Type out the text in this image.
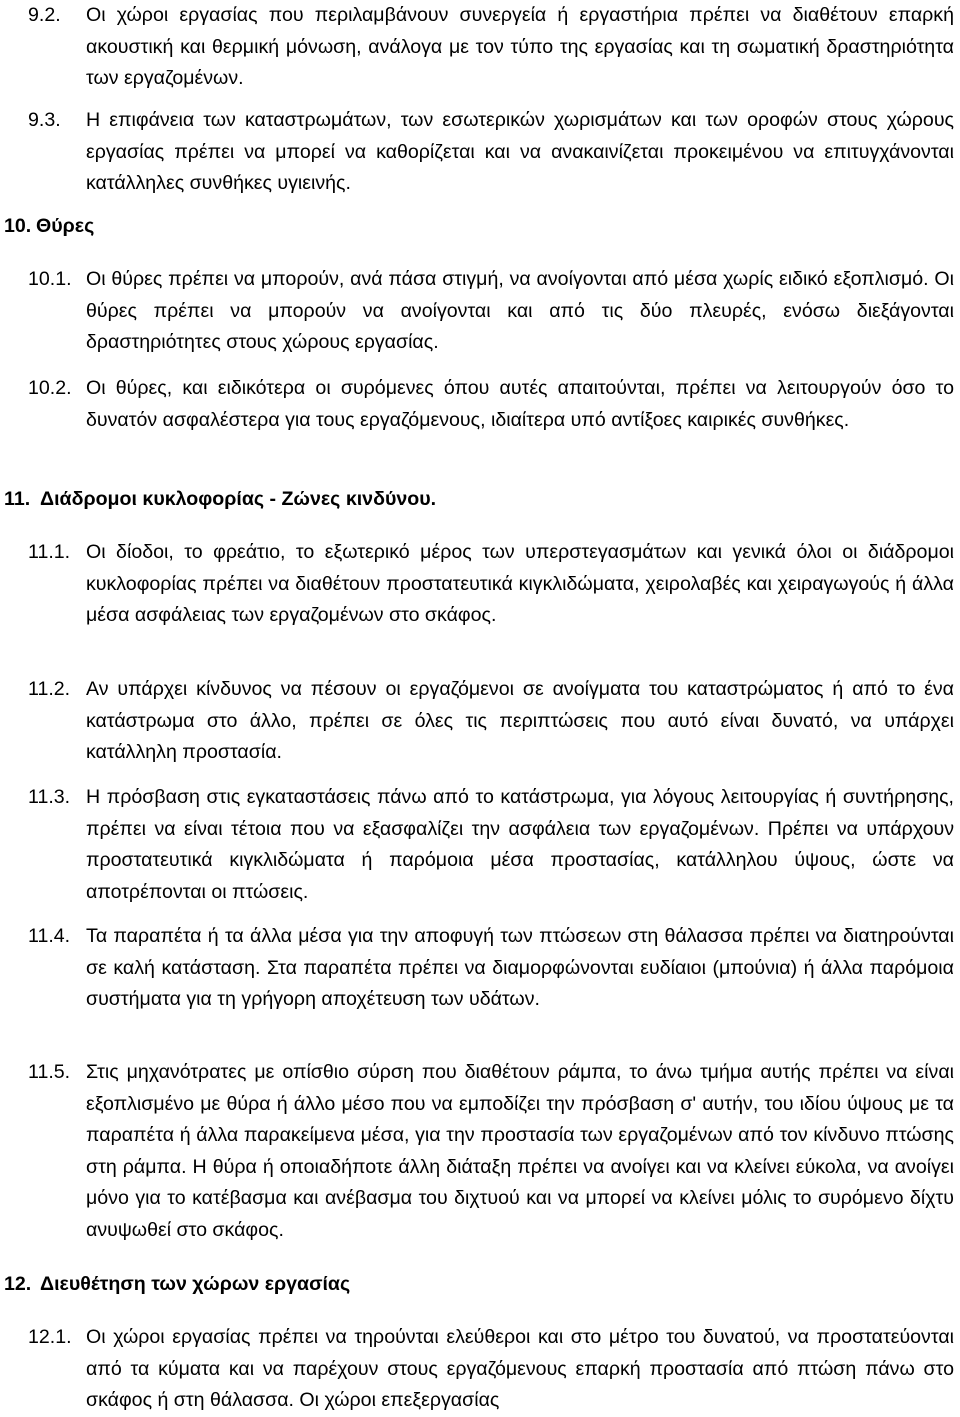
9.2. Οι χώροι εργασίας που περιλαμβάνουν συνεργεία ή εργαστήρια πρέπει να διαθέτουν επαρκή ακουστική και θερμική μόνωση, ανάλογα με τον τύπο της εργασίας και τη σωματική δραστηριότητα των εργαζομένων.
9.3. Η επιφάνεια των καταστρωμάτων, των εσωτερικών χωρισμάτων και των οροφών στους χώρους εργασίας πρέπει να μπορεί να καθορίζεται και να ανακαινίζεται προκειμένου να επιτυγχάνονται κατάλληλες συνθήκες υγιεινής.
10. Θύρες
10.1. Οι θύρες πρέπει να μπορούν, ανά πάσα στιγμή, να ανοίγονται από μέσα χωρίς ειδικό εξοπλισμό. Οι θύρες πρέπει να μπορούν να ανοίγονται και από τις δύο πλευρές, ενόσω διεξάγονται δραστηριότητες στους χώρους εργασίας.
10.2. Οι θύρες, και ειδικότερα οι συρόμενες όπου αυτές απαιτούνται, πρέπει να λειτουργούν όσο το δυνατόν ασφαλέστερα για τους εργαζόμενους, ιδιαίτερα υπό αντίξοες καιρικές συνθήκες.
11. Διάδρομοι κυκλοφορίας - Ζώνες κινδύνου.
11.1. Οι δίοδοι, το φρεάτιο, το εξωτερικό μέρος των υπερστεγασμάτων και γενικά όλοι οι διάδρομοι κυκλοφορίας πρέπει να διαθέτουν προστατευτικά κιγκλιδώματα, χειρολαβές και χειραγωγούς ή άλλα μέσα ασφάλειας των εργαζομένων στο σκάφος.
11.2. Αν υπάρχει κίνδυνος να πέσουν οι εργαζόμενοι σε ανοίγματα του καταστρώματος ή από το ένα κατάστρωμα στο άλλο, πρέπει σε όλες τις περιπτώσεις που αυτό είναι δυνατό, να υπάρχει κατάλληλη προστασία.
11.3. Η πρόσβαση στις εγκαταστάσεις πάνω από το κατάστρωμα, για λόγους λειτουργίας ή συντήρησης, πρέπει να είναι τέτοια που να εξασφαλίζει την ασφάλεια των εργαζομένων. Πρέπει να υπάρχουν προστατευτικά κιγκλιδώματα ή παρόμοια μέσα προστασίας, κατάλληλου ύψους, ώστε να αποτρέπονται οι πτώσεις.
11.4. Τα παραπέτα ή τα άλλα μέσα για την αποφυγή των πτώσεων στη θάλασσα πρέπει να διατηρούνται σε καλή κατάσταση. Στα παραπέτα πρέπει να διαμορφώνονται ευδίαιοι (μπούνια) ή άλλα παρόμοια συστήματα για τη γρήγορη αποχέτευση των υδάτων.
11.5. Στις μηχανότρατες με οπίσθιο σύρση που διαθέτουν ράμπα, το άνω τμήμα αυτής πρέπει να είναι εξοπλισμένο με θύρα ή άλλο μέσο που να εμποδίζει την πρόσβαση σ' αυτήν, του ιδίου ύψους με τα παραπέτα ή άλλα παρακείμενα μέσα, για την προστασία των εργαζομένων από τον κίνδυνο πτώσης στη ράμπα. Η θύρα ή οποιαδήποτε άλλη διάταξη πρέπει να ανοίγει και να κλείνει εύκολα, να ανοίγει μόνο για το κατέβασμα και ανέβασμα του διχτυού και να μπορεί να κλείνει μόλις το συρόμενο δίχτυ ανυψωθεί στο σκάφος.
12. Διευθέτηση των χώρων εργασίας
12.1. Οι χώροι εργασίας πρέπει να τηρούνται ελεύθεροι και στο μέτρο του δυνατού, να προστατεύονται από τα κύματα και να παρέχουν στους εργαζόμενους επαρκή προστασία από πτώση πάνω στο σκάφος ή στη θάλασσα. Οι χώροι επεξεργασίας
